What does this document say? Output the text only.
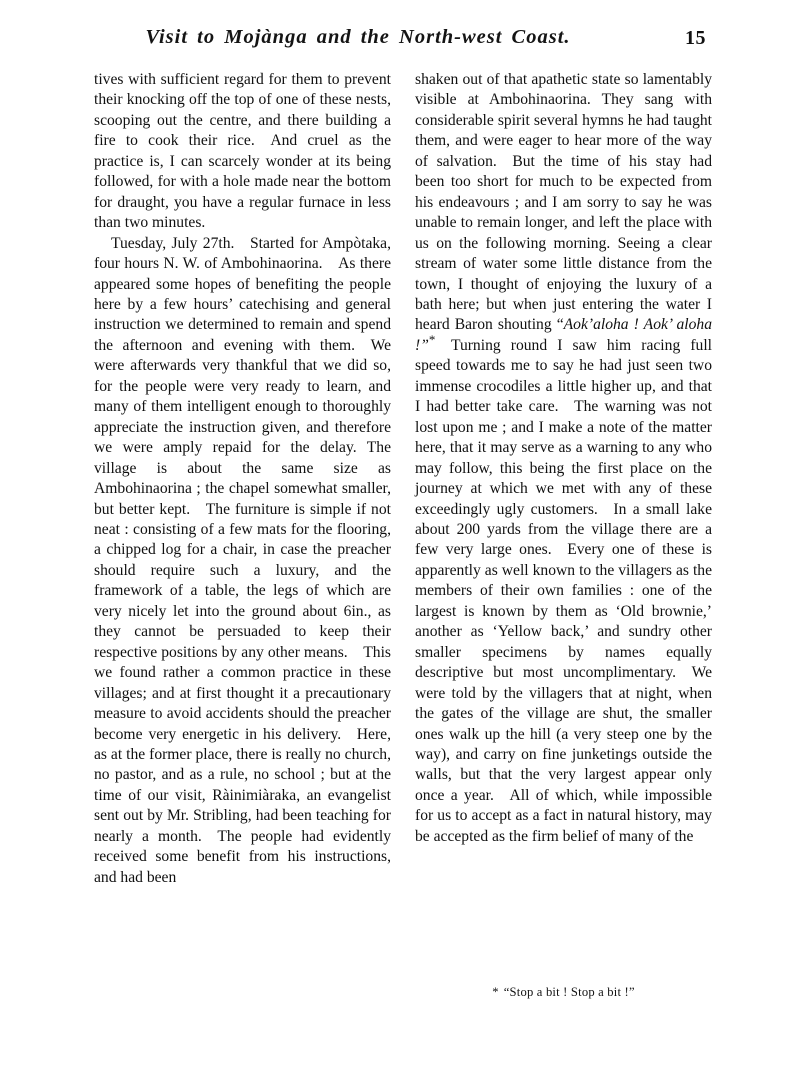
Visit to Mojànga and the North-west Coast.	15

tives with sufficient regard for them to prevent their knocking off the top of one of these nests, scooping out the centre, and there building a fire to cook their rice. And cruel as the practice is, I can scarcely wonder at its being followed, for with a hole made near the bottom for draught, you have a regular furnace in less than two minutes.

Tuesday, July 27th. Started for Ampòtaka, four hours N. W. of Ambohinaorina. As there appeared some hopes of benefiting the people here by a few hours’ catechising and general instruction we determined to remain and spend the afternoon and evening with them. We were afterwards very thankful that we did so, for the people were very ready to learn, and many of them intelligent enough to thoroughly appreciate the instruction given, and therefore we were amply repaid for the delay. The village is about the same size as Ambohinaorina ; the chapel somewhat smaller, but better kept. The furniture is simple if not neat : consisting of a few mats for the flooring, a chipped log for a chair, in case the preacher should require such a luxury, and the framework of a table, the legs of which are very nicely let into the ground about 6in., as they cannot be persuaded to keep their respective positions by any other means. This we found rather a common practice in these villages; and at first thought it a precautionary measure to avoid accidents should the preacher become very energetic in his delivery. Here, as at the former place, there is really no church, no pastor, and as a rule, no school ; but at the time of our visit, Ràinimiàraka, an evangelist sent out by Mr. Stribling, had been teaching for nearly a month. The people had evidently received some benefit from his instructions, and had been

shaken out of that apathetic state so lamentably visible at Ambohinaorina. They sang with considerable spirit several hymns he had taught them, and were eager to hear more of the way of salvation. But the time of his stay had been too short for much to be expected from his endeavours ; and I am sorry to say he was unable to remain longer, and left the place with us on the following morning. Seeing a clear stream of water some little distance from the town, I thought of enjoying the luxury of a bath here; but when just entering the water I heard Baron shouting “Aok’aloha ! Aok’ aloha !”* Turning round I saw him racing full speed towards me to say he had just seen two immense crocodiles a little higher up, and that I had better take care. The warning was not lost upon me ; and I make a note of the matter here, that it may serve as a warning to any who may follow, this being the first place on the journey at which we met with any of these exceedingly ugly customers. In a small lake about 200 yards from the village there are a few very large ones. Every one of these is apparently as well known to the villagers as the members of their own families : one of the largest is known by them as ‘Old brownie,’ another as ‘Yellow back,’ and sundry other smaller specimens by names equally descriptive but most uncomplimentary. We were told by the villagers that at night, when the gates of the village are shut, the smaller ones walk up the hill (a very steep one by the way), and carry on fine junketings outside the walls, but that the very largest appear only once a year. All of which, while impossible for us to accept as a fact in natural history, may be accepted as the firm belief of many of the

* “Stop a bit ! Stop a bit !”
